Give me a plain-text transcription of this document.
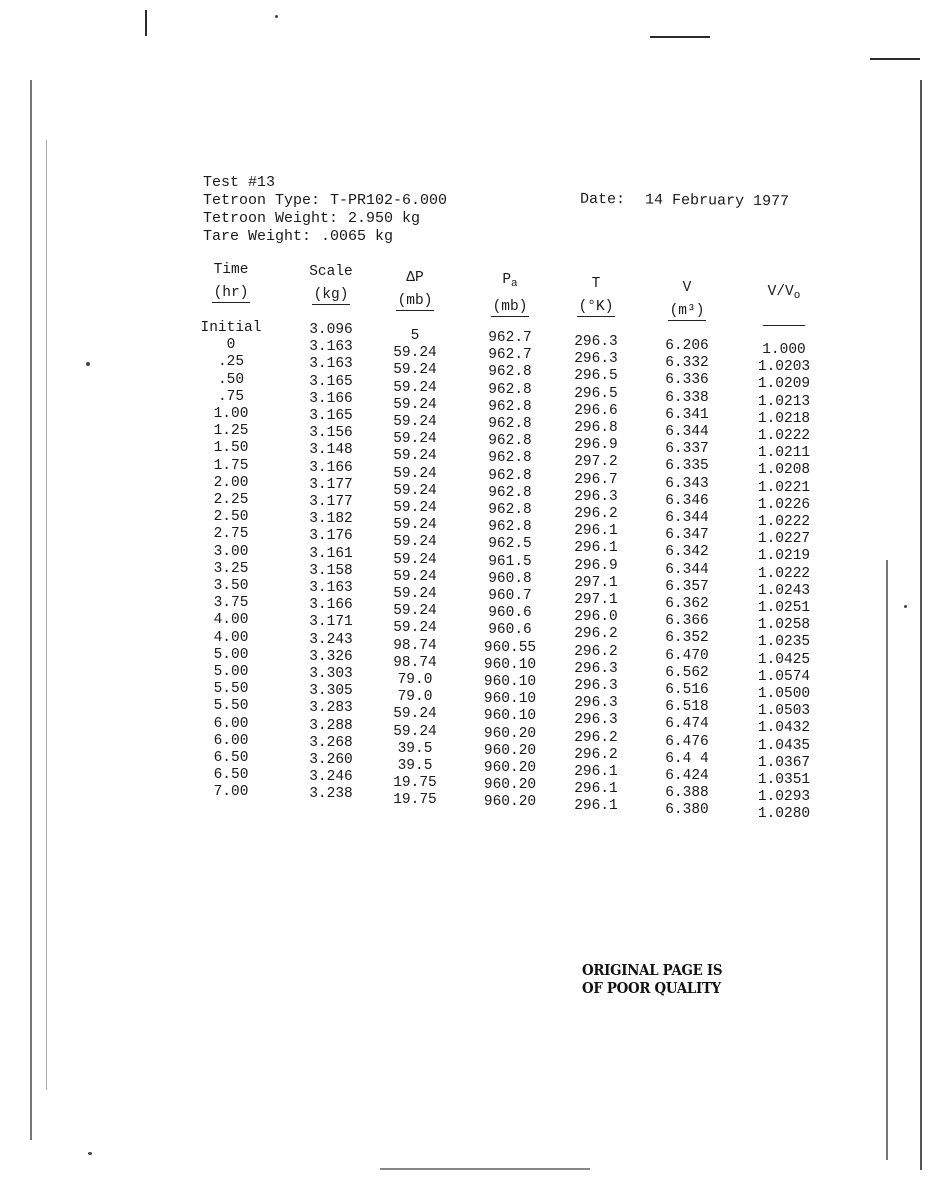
Test #13
Tetroon Type: T-PR102-6.000
Tetroon Weight: 2.950 kg
Tare Weight: .0065 kg
Date: 14 February 1977
Time
(hr)
Initial
0
.25
.50
.75
1.00
1.25
1.50
1.75
2.00
2.25
2.50
2.75
3.00
3.25
3.50
3.75
4.00
4.00
5.00
5.00
5.50
5.50
6.00
6.00
6.50
6.50
7.00
Scale
(kg)
3.096
3.163
3.163
3.165
3.166
3.165
3.156
3.148
3.166
3.177
3.177
3.182
3.176
3.161
3.158
3.163
3.166
3.171
3.243
3.326
3.303
3.305
3.283
3.288
3.268
3.260
3.246
3.238
ΔP
(mb)
5
59.24
59.24
59.24
59.24
59.24
59.24
59.24
59.24
59.24
59.24
59.24
59.24
59.24
59.24
59.24
59.24
59.24
98.74
98.74
79.0
79.0
59.24
59.24
39.5
39.5
19.75
19.75
$P_a$
(mb)
962.7
962.7
962.8
962.8
962.8
962.8
962.8
962.8
962.8
962.8
962.8
962.8
962.5
961.5
960.8
960.7
960.6
960.6
960.55
960.10
960.10
960.10
960.10
960.20
960.20
960.20
960.20
960.20
T
(°K)
296.3
296.3
296.5
296.5
296.6
296.8
296.9
297.2
296.7
296.3
296.2
296.1
296.1
296.9
297.1
297.1
296.0
296.2
296.2
296.3
296.3
296.3
296.3
296.2
296.2
296.1
296.1
296.1
V
(m³)
6.206
6.332
6.336
6.338
6.341
6.344
6.337
6.335
6.343
6.346
6.344
6.347
6.342
6.344
6.357
6.362
6.366
6.352
6.470
6.562
6.516
6.518
6.474
6.476
6.4 4
6.424
6.388
6.380
$V/V_o$
1.000
1.0203
1.0209
1.0213
1.0218
1.0222
1.0211
1.0208
1.0221
1.0226
1.0222
1.0227
1.0219
1.0222
1.0243
1.0251
1.0258
1.0235
1.0425
1.0574
1.0500
1.0503
1.0432
1.0435
1.0367
1.0351
1.0293
1.0280
ORIGINAL PAGE IS
OF POOR QUALITY
